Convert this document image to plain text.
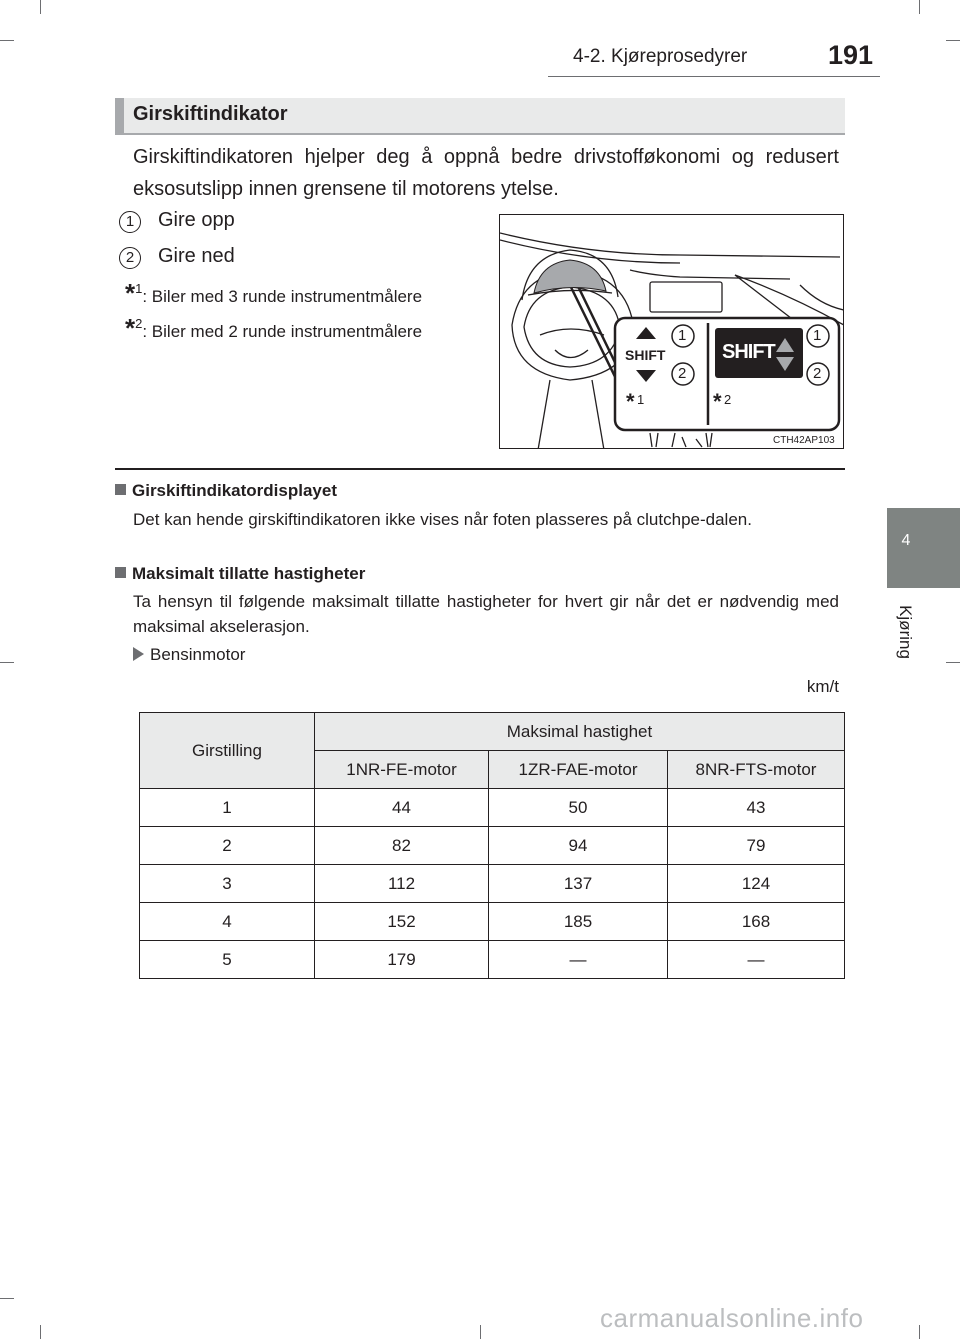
4-2. Kjøreprosedyrer	191
4
Kjøring
Girskiftindikator
Girskiftindikatoren hjelper deg å oppnå bedre drivstofføkonomi og redusert eksosutslipp innen grensene til motorens ytelse.
1	Gire opp
2	Gire ned
*$^1$: Biler med 3 runde instrumentmålere
*$^2$: Biler med 2 runde instrumentmålere
SHIFT	SHIFT
1
2
1
2
* 1	* 2
CTH42AP103
Girskiftindikatordisplayet
Det kan hende girskiftindikatoren ikke vises når foten plasseres på clutchpe-dalen.
Maksimalt tillatte hastigheter
Ta hensyn til følgende maksimalt tillatte hastigheter for hvert gir når det er nødvendig med maksimal akselerasjon.
Bensinmotor
km/t
Girstilling	Maksimal hastighet		
	1NR-FE-motor	1ZR-FAE-motor	8NR-FTS-motor
1	44	50	43
2	82	94	79
3	112	137	124
4	152	185	168
5	179	—	—
carmanualsonline.info
